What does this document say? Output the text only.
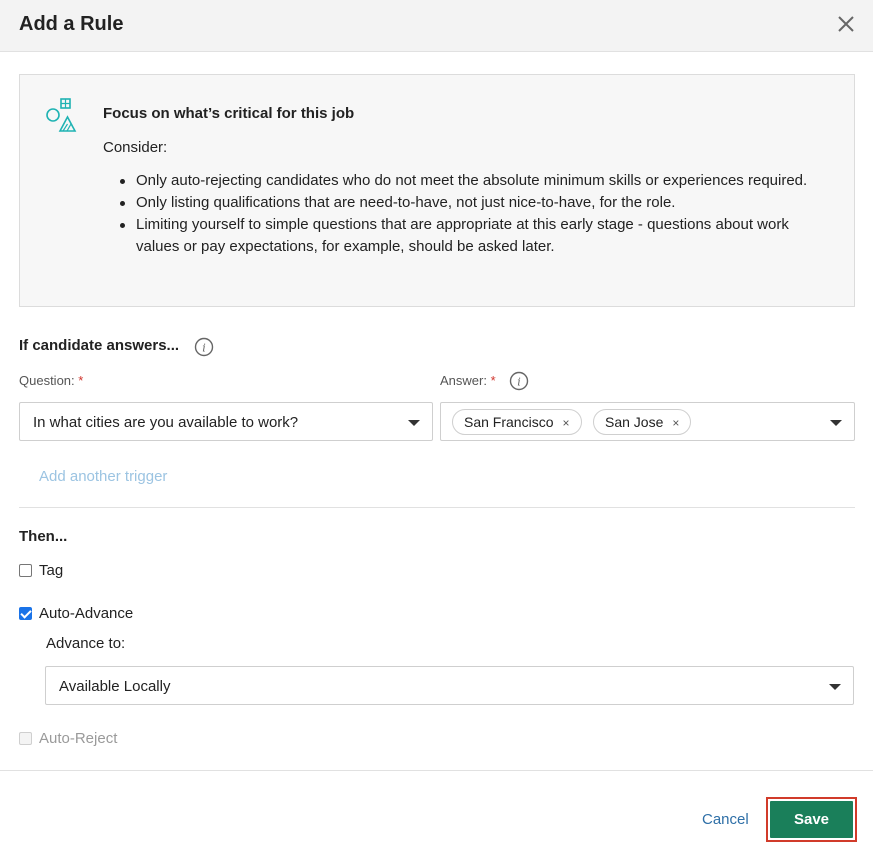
Add a Rule
Focus on what’s critical for this job
Consider:
Only auto-rejecting candidates who do not meet the absolute minimum skills or experiences required.
Only listing qualifications that are need-to-have, not just nice-to-have, for the role.
Limiting yourself to simple questions that are appropriate at this early stage - questions about work values or pay expectations, for example, should be asked later.
If candidate answers... i
Question: *	Answer: * i
In what cities are you available to work?	San Francisco ×	San Jose ×
Add another trigger
Then...
Tag
Auto-Advance
Advance to:
Available Locally
Auto-Reject
Cancel	Save
